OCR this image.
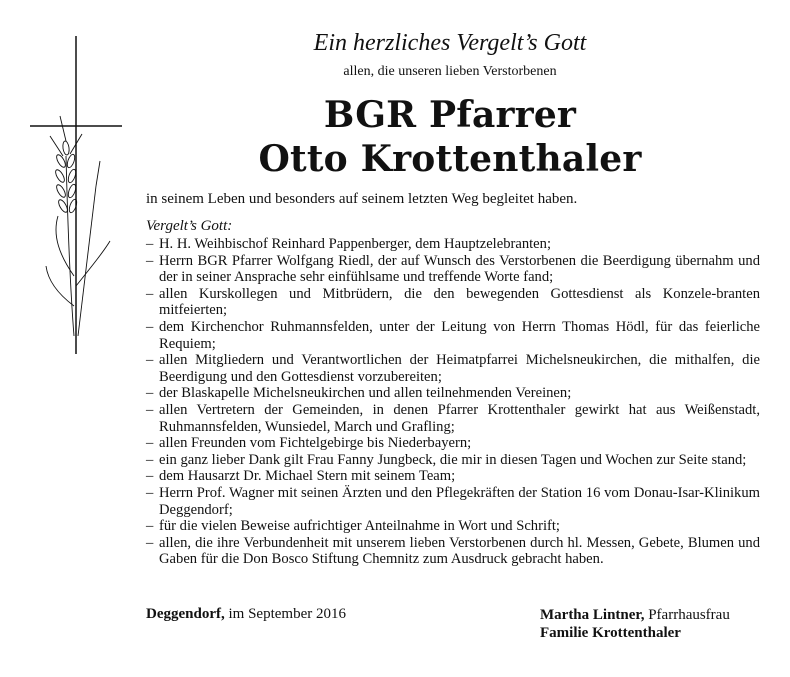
Ein herzliches Vergelt’s Gott
allen, die unseren lieben Verstorbenen
BGR Pfarrer
Otto Krottenthaler
in seinem Leben und besonders auf seinem letzten Weg begleitet haben.
Vergelt’s Gott:
– H. H. Weihbischof Reinhard Pappenberger, dem Hauptzelebranten;
– Herrn BGR Pfarrer Wolfgang Riedl, der auf Wunsch des Verstorbenen die Beerdigung übernahm und der in seiner Ansprache sehr einfühlsame und treffende Worte fand;
– allen Kurskollegen und Mitbrüdern, die den bewegenden Gottesdienst als Konzele-branten mitfeierten;
– dem Kirchenchor Ruhmannsfelden, unter der Leitung von Herrn Thomas Hödl, für das feierliche Requiem;
– allen Mitgliedern und Verantwortlichen der Heimatpfarrei Michelsneukirchen, die mithalfen, die Beerdigung und den Gottesdienst vorzubereiten;
– der Blaskapelle Michelsneukirchen und allen teilnehmenden Vereinen;
– allen Vertretern der Gemeinden, in denen Pfarrer Krottenthaler gewirkt hat aus Weißenstadt, Ruhmannsfelden, Wunsiedel, March und Grafling;
– allen Freunden vom Fichtelgebirge bis Niederbayern;
– ein ganz lieber Dank gilt Frau Fanny Jungbeck, die mir in diesen Tagen und Wochen zur Seite stand;
– dem Hausarzt Dr. Michael Stern mit seinem Team;
– Herrn Prof. Wagner mit seinen Ärzten und den Pflegekräften der Station 16 vom Donau-Isar-Klinikum Deggendorf;
– für die vielen Beweise aufrichtiger Anteilnahme in Wort und Schrift;
– allen, die ihre Verbundenheit mit unserem lieben Verstorbenen durch hl. Messen, Gebete, Blumen und Gaben für die Don Bosco Stiftung Chemnitz zum Ausdruck gebracht haben.
Deggendorf, im September 2016	Martha Lintner, Pfarrhausfrau
Familie Krottenthaler
